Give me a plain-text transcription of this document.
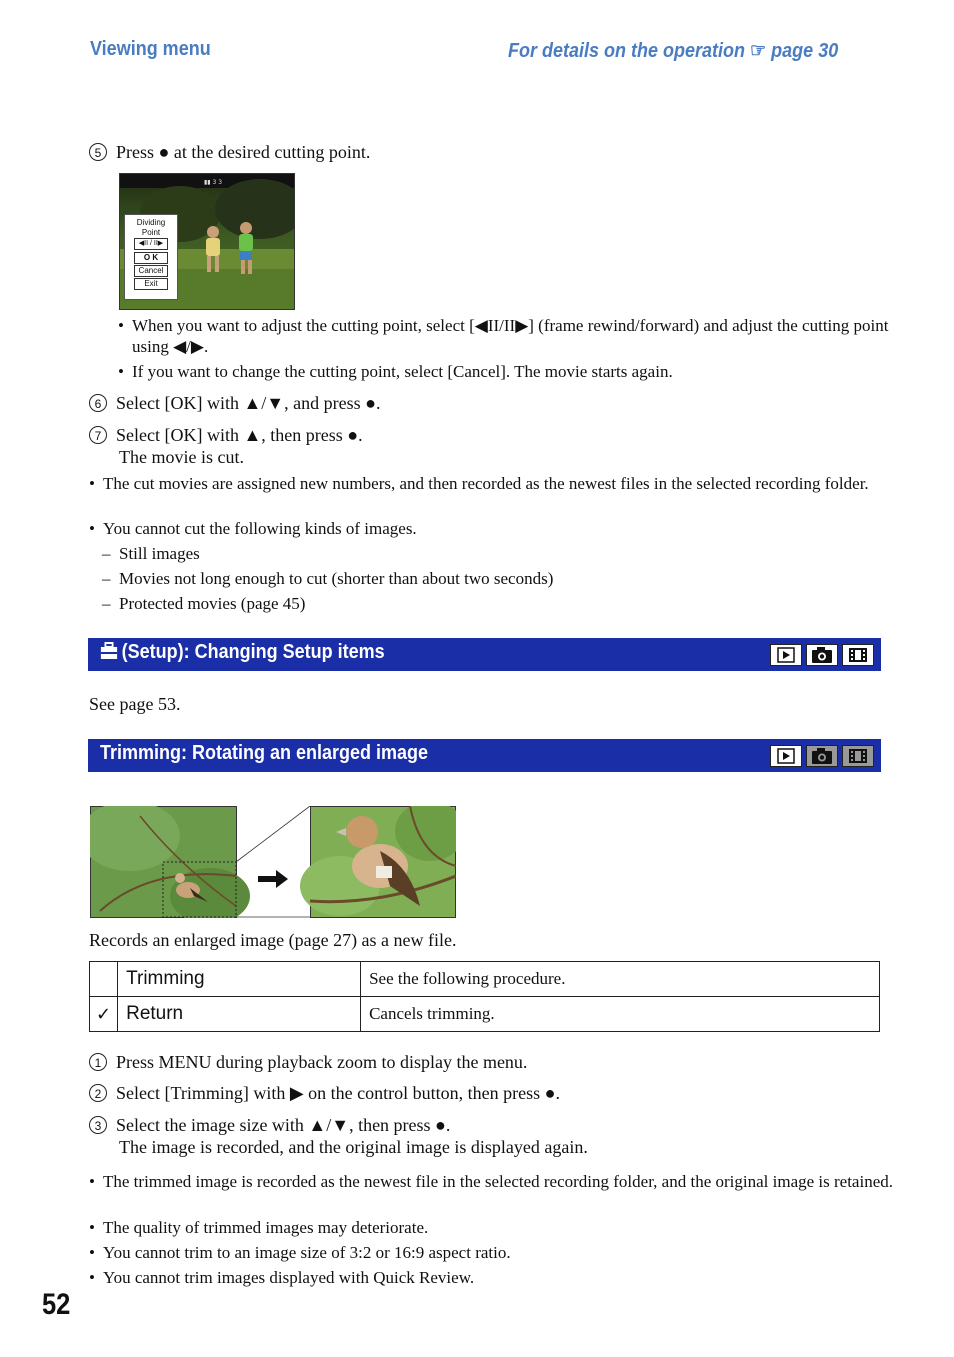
Viewing menu	For details on the operation ☞ page 30
5 Press ● at the desired cutting point.
▮▮ 3 3
Dividing
Point
◀II / II▶
O K
Cancel
Exit
• When you want to adjust the cutting point, select [◀II/II▶] (frame rewind/forward) and adjust the cutting point using ◀/▶.
• If you want to change the cutting point, select [Cancel]. The movie starts again.
6 Select [OK] with ▲/▼, and press ●.
7 Select [OK] with ▲, then press ●.
The movie is cut.
• The cut movies are assigned new numbers, and then recorded as the newest files in the selected recording folder.
• You cannot cut the following kinds of images.
– Still images
– Movies not long enough to cut (shorter than about two seconds)
– Protected movies (page 45)
(Setup): Changing Setup items
See page 53.
Trimming: Rotating an enlarged image
Records an enlarged image (page 27) as a new file.
	Trimming	See the following procedure.
✓	Return	Cancels trimming.
1 Press MENU during playback zoom to display the menu.
2 Select [Trimming] with ▶ on the control button, then press ●.
3 Select the image size with ▲/▼, then press ●.
The image is recorded, and the original image is displayed again.
• The trimmed image is recorded as the newest file in the selected recording folder, and the original image is retained.
• The quality of trimmed images may deteriorate.
• You cannot trim to an image size of 3:2 or 16:9 aspect ratio.
• You cannot trim images displayed with Quick Review.
52
